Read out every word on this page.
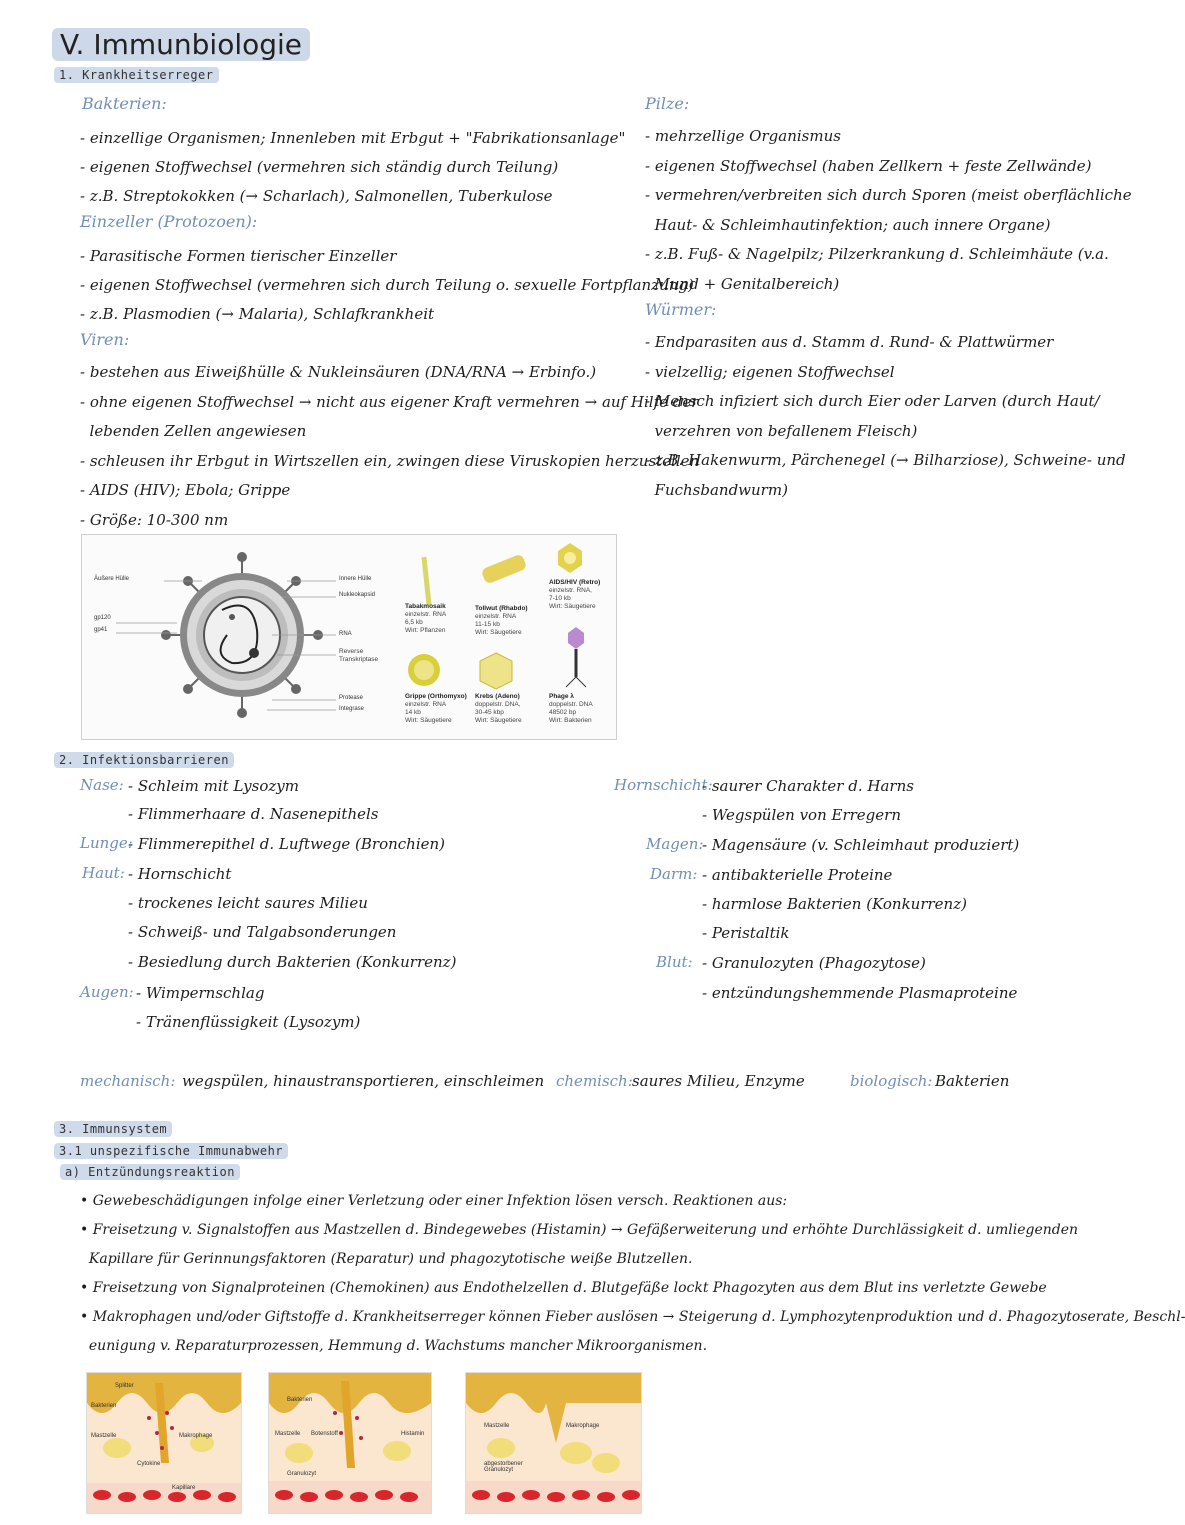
V. Immunbiologie
1. Krankheitserreger
Bakterien:
- einzellige Organismen; Innenleben mit Erbgut + "Fabrikationsanlage"
- eigenen Stoffwechsel (vermehren sich ständig durch Teilung)
- z.B. Streptokokken (→ Scharlach), Salmonellen, Tuberkulose
Einzeller (Protozoen):
- Parasitische Formen tierischer Einzeller
- eigenen Stoffwechsel (vermehren sich durch Teilung o. sexuelle Fortpflanzung)
- z.B. Plasmodien (→ Malaria), Schlafkrankheit
Viren:
- bestehen aus Eiweißhülle & Nukleinsäuren (DNA/RNA → Erbinfo.)
- ohne eigenen Stoffwechsel → nicht aus eigener Kraft vermehren → auf Hilfe der
lebenden Zellen angewiesen
- schleusen ihr Erbgut in Wirtszellen ein, zwingen diese Viruskopien herzustellen
- AIDS (HIV); Ebola; Grippe
- Größe: 10-300 nm
Pilze:
- mehrzellige Organismus
- eigenen Stoffwechsel (haben Zellkern + feste Zellwände)
- vermehren/verbreiten sich durch Sporen (meist oberflächliche
Haut- & Schleimhautinfektion; auch innere Organe)
- z.B. Fuß- & Nagelpilz; Pilzerkrankung d. Schleimhäute (v.a.
Mund + Genitalbereich)
Würmer:
- Endparasiten aus d. Stamm d. Rund- & Plattwürmer
- vielzellig; eigenen Stoffwechsel
- Mensch infiziert sich durch Eier oder Larven (durch Haut/
verzehren von befallenem Fleisch)
- z.B. Hakenwurm, Pärchenegel (→ Bilharziose), Schweine- und
Fuchsbandwurm)
Äußere Hülle
gp120
gp41
Innere Hülle
Nukleokapsid
RNA
Reverse
Transkriptase
Protease
Integrase
Tabakmosaik
einzelstr. RNA
6,5 kb
Wirt: Pflanzen
Tollwut (Rhabdo)
einzelstr. RNA
11-15 kb
Wirt: Säugetiere
AIDS/HIV (Retro)
einzelstr. RNA,
7-10 kb
Wirt: Säugetiere
Grippe (Orthomyxo)
einzelstr. RNA
14 kb
Wirt: Säugetiere
Krebs (Adeno)
doppelstr. DNA,
30-45 kbp
Wirt: Säugetiere
Phage λ
doppelstr. DNA
48502 bp
Wirt: Bakterien
2. Infektionsbarrieren
Nase: - Schleim mit Lysozym
- Flimmerhaare d. Nasenepithels
Lunge:
- Flimmerepithel d. Luftwege (Bronchien)
Haut: - Hornschicht
- trockenes leicht saures Milieu
- Schweiß- und Talgabsonderungen
- Besiedlung durch Bakterien (Konkurrenz)
Augen: - Wimpernschlag
- Tränenflüssigkeit (Lysozym)
Hornschicht:
- saurer Charakter d. Harns
- Wegspülen von Erregern
Magen:
- Magensäure (v. Schleimhaut produziert)
Darm: - antibakterielle Proteine
- harmlose Bakterien (Konkurrenz)
- Peristaltik
Blut: - Granulozyten (Phagozytose)
- entzündungshemmende Plasmaproteine
mechanisch: wegspülen, hinaustransportieren, einschleimen chemisch: saures Milieu, Enzyme	biologisch: Bakterien
3. Immunsystem
3.1 unspezifische Immunabwehr
a) Entzündungsreaktion
• Gewebeschädigungen infolge einer Verletzung oder einer Infektion lösen versch. Reaktionen aus:
• Freisetzung v. Signalstoffen aus Mastzellen d. Bindegewebes (Histamin) → Gefäßerweiterung und erhöhte Durchlässigkeit d. umliegenden
Kapillare für Gerinnungsfaktoren (Reparatur) und phagozytotische weiße Blutzellen.
• Freisetzung von Signalproteinen (Chemokinen) aus Endothelzellen d. Blutgefäße lockt Phagozyten aus dem Blut ins verletzte Gewebe
• Makrophagen und/oder Giftstoffe d. Krankheitserreger können Fieber auslösen → Steigerung d. Lymphozytenproduktion und d. Phagozytoserate, Beschl-
eunigung v. Reparaturprozessen, Hemmung d. Wachstums mancher Mikroorganismen.
Splitter
Bakterien
Mastzelle	Makrophage
Cytokine
Kapillare
Bakterien
Mastzelle Botenstoff	Histamin
Granulozyt
Mastzelle	Makrophage
abgestorbener Granulozyt
